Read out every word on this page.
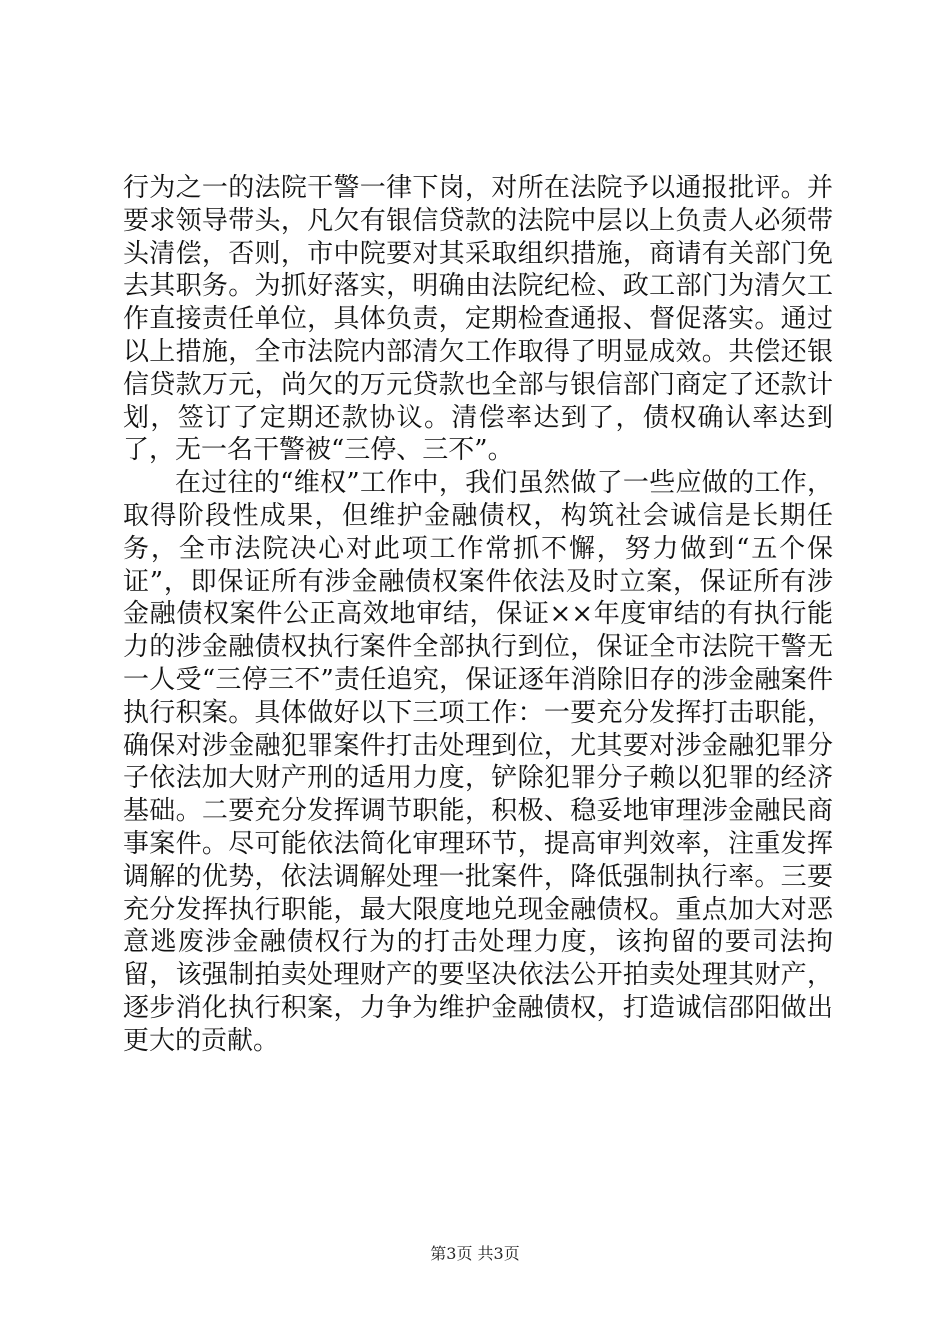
行为之一的法院干警一律下岗，对所在法院予以通报批评。并要求领导带头，凡欠有银信贷款的法院中层以上负责人必须带头清偿，否则，市中院要对其采取组织措施，商请有关部门免去其职务。为抓好落实，明确由法院纪检、政工部门为清欠工作直接责任单位，具体负责，定期检查通报、督促落实。通过以上措施，全市法院内部清欠工作取得了明显成效。共偿还银信贷款万元，尚欠的万元贷款也全部与银信部门商定了还款计划，签订了定期还款协议。清偿率达到了，债权确认率达到了，无一名干警被“三停、三不”。

在过往的“维权”工作中，我们虽然做了一些应做的工作，取得阶段性成果，但维护金融债权，构筑社会诚信是长期任务，全市法院决心对此项工作常抓不懈，努力做到“五个保证”，即保证所有涉金融债权案件依法及时立案，保证所有涉金融债权案件公正高效地审结，保证××年度审结的有执行能力的涉金融债权执行案件全部执行到位，保证全市法院干警无一人受“三停三不”责任追究，保证逐年消除旧存的涉金融案件执行积案。具体做好以下三项工作：一要充分发挥打击职能，确保对涉金融犯罪案件打击处理到位，尤其要对涉金融犯罪分子依法加大财产刑的适用力度，铲除犯罪分子赖以犯罪的经济基础。二要充分发挥调节职能，积极、稳妥地审理涉金融民商事案件。尽可能依法简化审理环节，提高审判效率，注重发挥调解的优势，依法调解处理一批案件，降低强制执行率。三要充分发挥执行职能，最大限度地兑现金融债权。重点加大对恶意逃废涉金融债权行为的打击处理力度，该拘留的要司法拘留，该强制拍卖处理财产的要坚决依法公开拍卖处理其财产，逐步消化执行积案，力争为维护金融债权，打造诚信邵阳做出更大的贡献。

第3页 共3页
